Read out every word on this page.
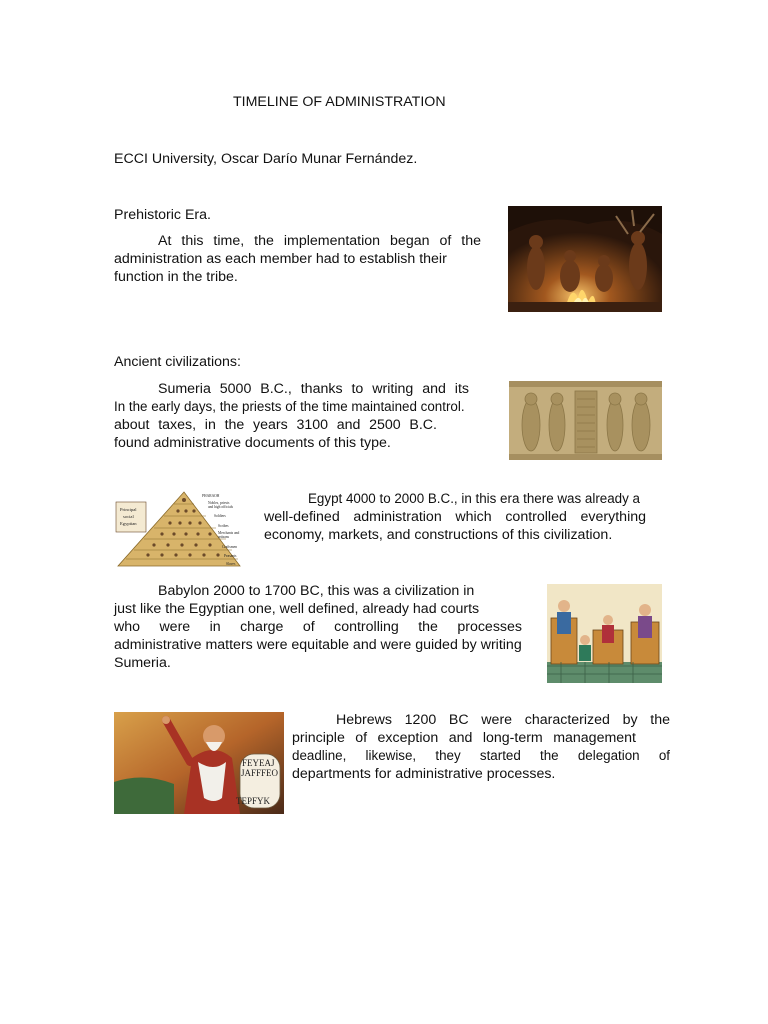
TIMELINE OF ADMINISTRATION
ECCI University, Oscar Darío Munar Fernández.
Prehistoric Era.
At this time, the implementation began of the
administration as each member had to establish their
function in the tribe.
Ancient civilizations:
Sumeria 5000 B.C., thanks to writing and its
In the early days, the priests of the time maintained control.
about taxes, in the years 3100 and 2500 B.C.
found administrative documents of this type.
Principal
social
Egyptian
PHARAOH
Nobles, priests
and high officials
Soldiers
Scribes
Merchants and
artisans
Craftsmen
Peasants
Slaves
Egypt 4000 to 2000 B.C., in this era there was already a
well-defined administration which controlled everything
economy, markets, and constructions of this civilization.
Babylon 2000 to 1700 BC, this was a civilization in
just like the Egyptian one, well defined, already had courts
who were in charge of controlling the processes
administrative matters were equitable and were guided by writing
Sumeria.
FEYEAJ
JAFFFEO
TEPFYK
Hebrews 1200 BC were characterized by the
principle of exception and long-term management
deadline, likewise, they started the delegation of
departments for administrative processes.
